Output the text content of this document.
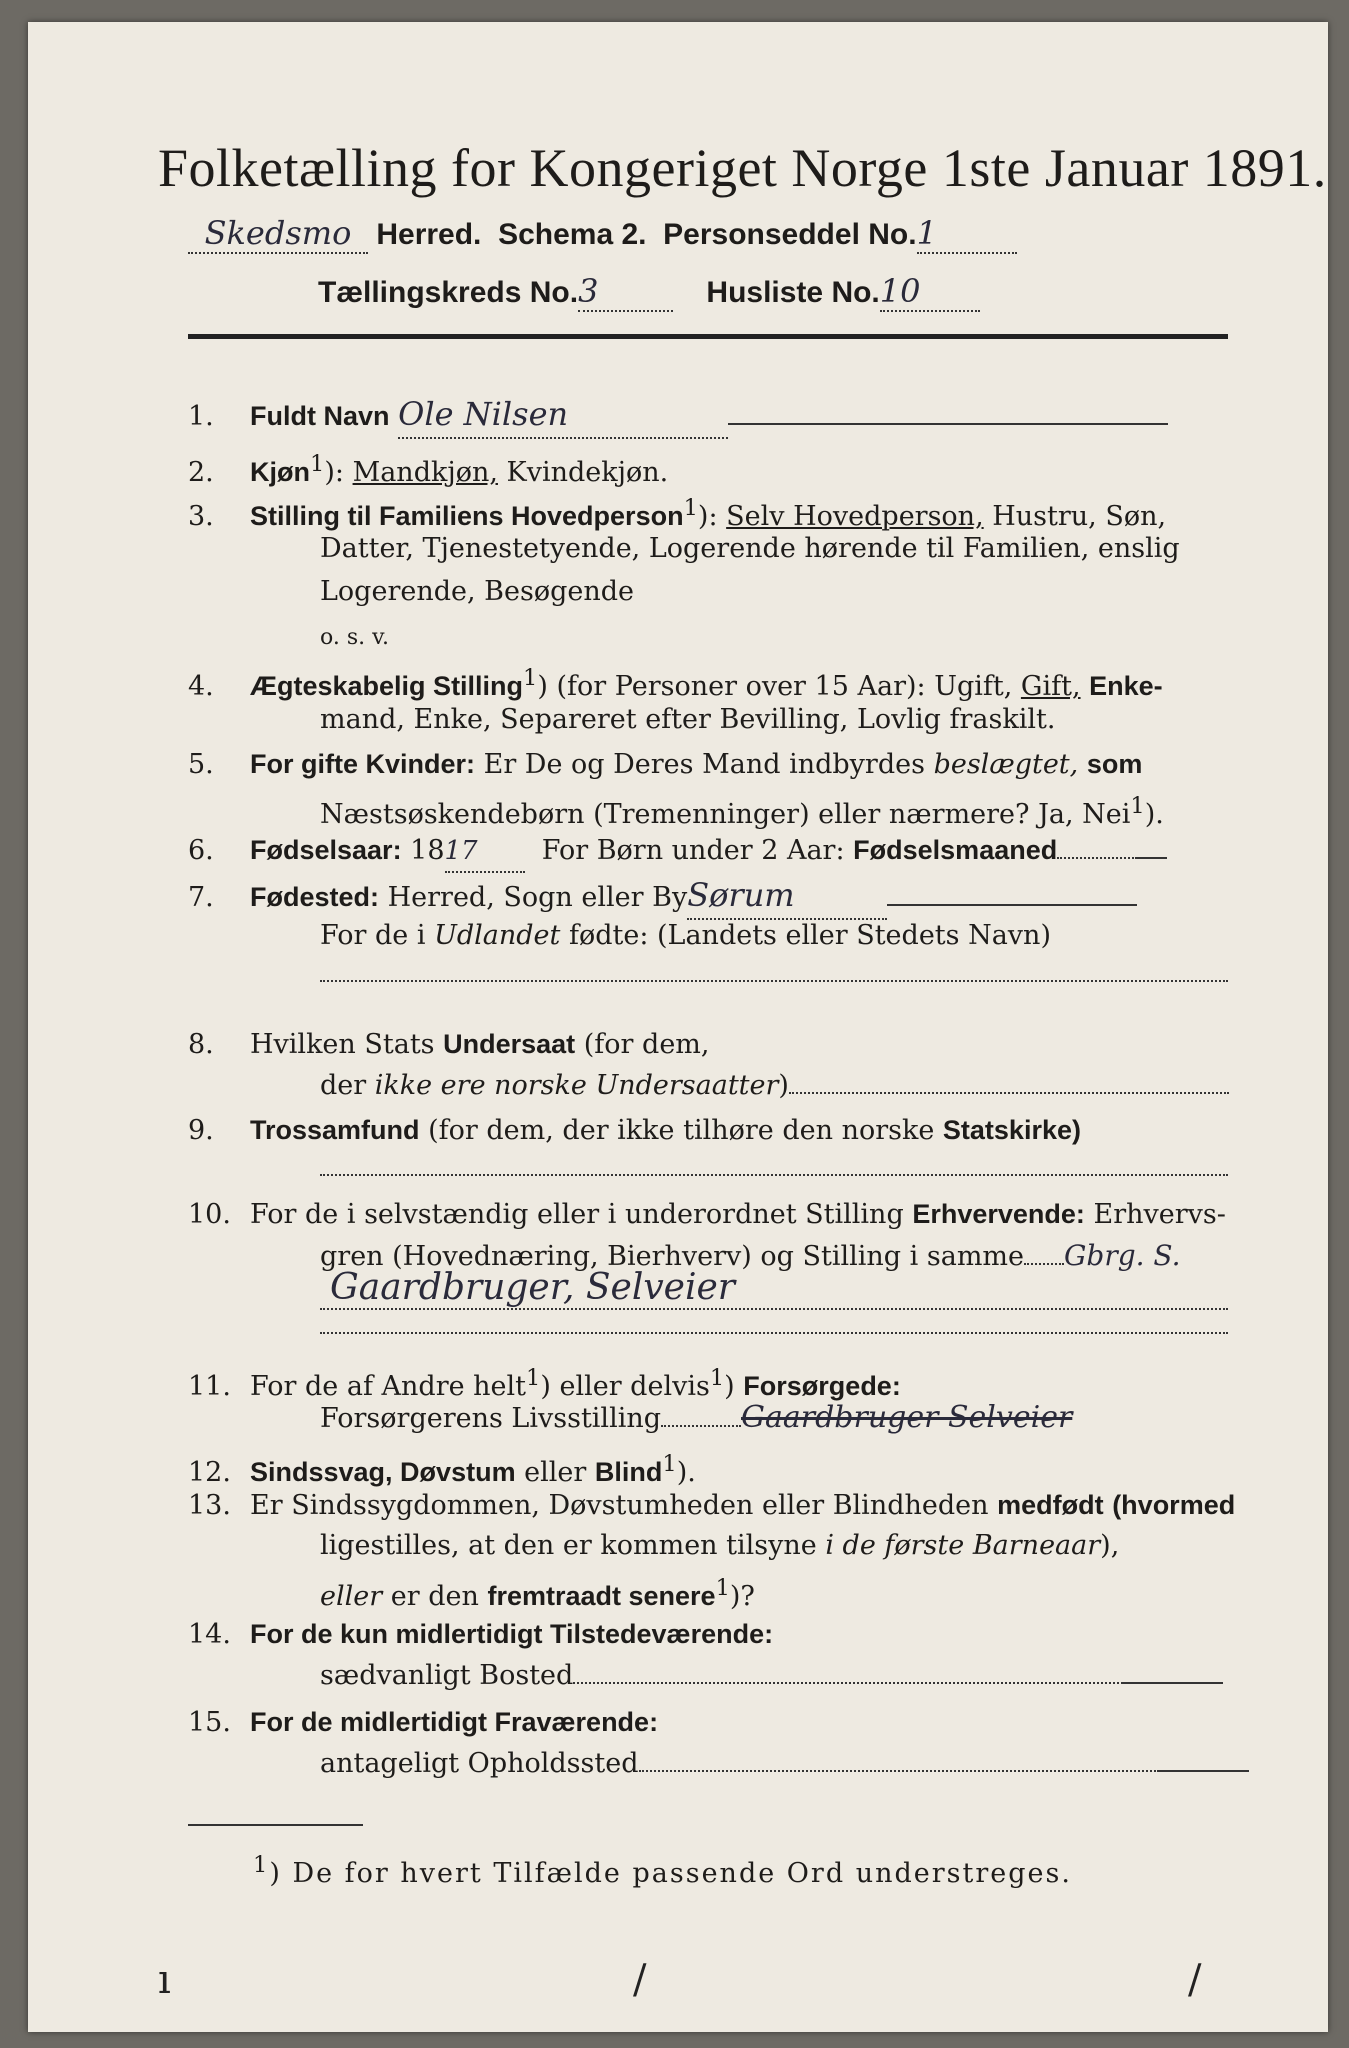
Folketælling for Kongeriget Norge 1ste Januar 1891.
Skedsmo Herred. Schema 2. Personseddel No.1
Tællingskreds No.3	Husliste No.10
1. Fuldt Navn Ole Nilsen
2. Kjøn$^1$): Mandkjøn, Kvindekjøn.
3. Stilling til Familiens Hovedperson$^1$): Selv Hovedperson, Hustru, Søn,
Datter, Tjenestetyende, Logerende hørende til Familien, enslig
Logerende, Besøgende
o. s. v.
4. Ægteskabelig Stilling$^1$) (for Personer over 15 Aar): Ugift, Gift, Enke-
mand, Enke, Separeret efter Bevilling, Lovlig fraskilt.
5. For gifte Kvinder: Er De og Deres Mand indbyrdes beslægtet, som
Næstsøskendebørn (Tremenninger) eller nærmere? Ja, Nei$^1$).
6. Fødselsaar: 1817 For Børn under 2 Aar: Fødselsmaaned
7. Fødested: Herred, Sogn eller BySørum
For de i Udlandet fødte: (Landets eller Stedets Navn)
8. Hvilken Stats Undersaat (for dem,
der ikke ere norske Undersaatter)
9. Trossamfund (for dem, der ikke tilhøre den norske Statskirke)
10. For de i selvstændig eller i underordnet Stilling Erhvervende: Erhvervs-
gren (Hovednæring, Bierhverv) og Stilling i samme Gbrg. S.
Gaardbruger, Selveier
11. For de af Andre helt$^1$) eller delvis$^1$) Forsørgede:
Forsørgerens Livsstilling	Gaardbruger Selveier
12. Sindssvag, Døvstum eller Blind$^1$).
13. Er Sindssygdommen, Døvstumheden eller Blindheden medfødt (hvormed
ligestilles, at den er kommen tilsyne i de første Barneaar),
eller er den fremtraadt senere$^1$)?
14. For de kun midlertidigt Tilstedeværende:
sædvanligt Bosted
15. For de midlertidigt Fraværende:
antageligt Opholdssted
$^1$) De for hvert Tilfælde passende Ord understreges.
ı	/	/
